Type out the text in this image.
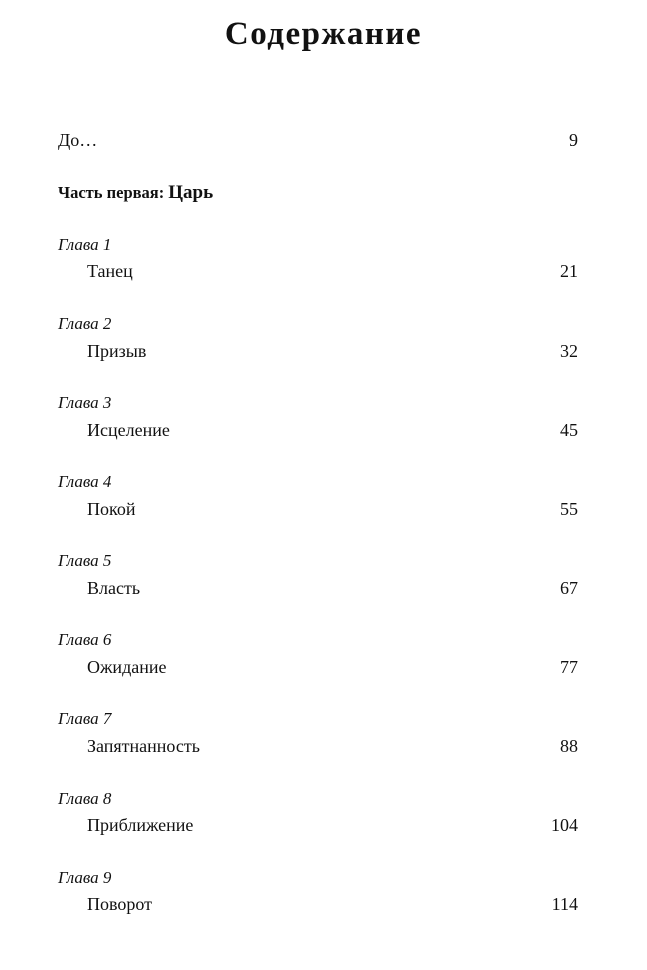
Содержание
До…	9
Часть первая: Царь
Глава 1
Танец	21
Глава 2
Призыв	32
Глава 3
Исцеление	45
Глава 4
Покой	55
Глава 5
Власть	67
Глава 6
Ожидание	77
Глава 7
Запятнанность	88
Глава 8
Приближение	104
Глава 9
Поворот	114
